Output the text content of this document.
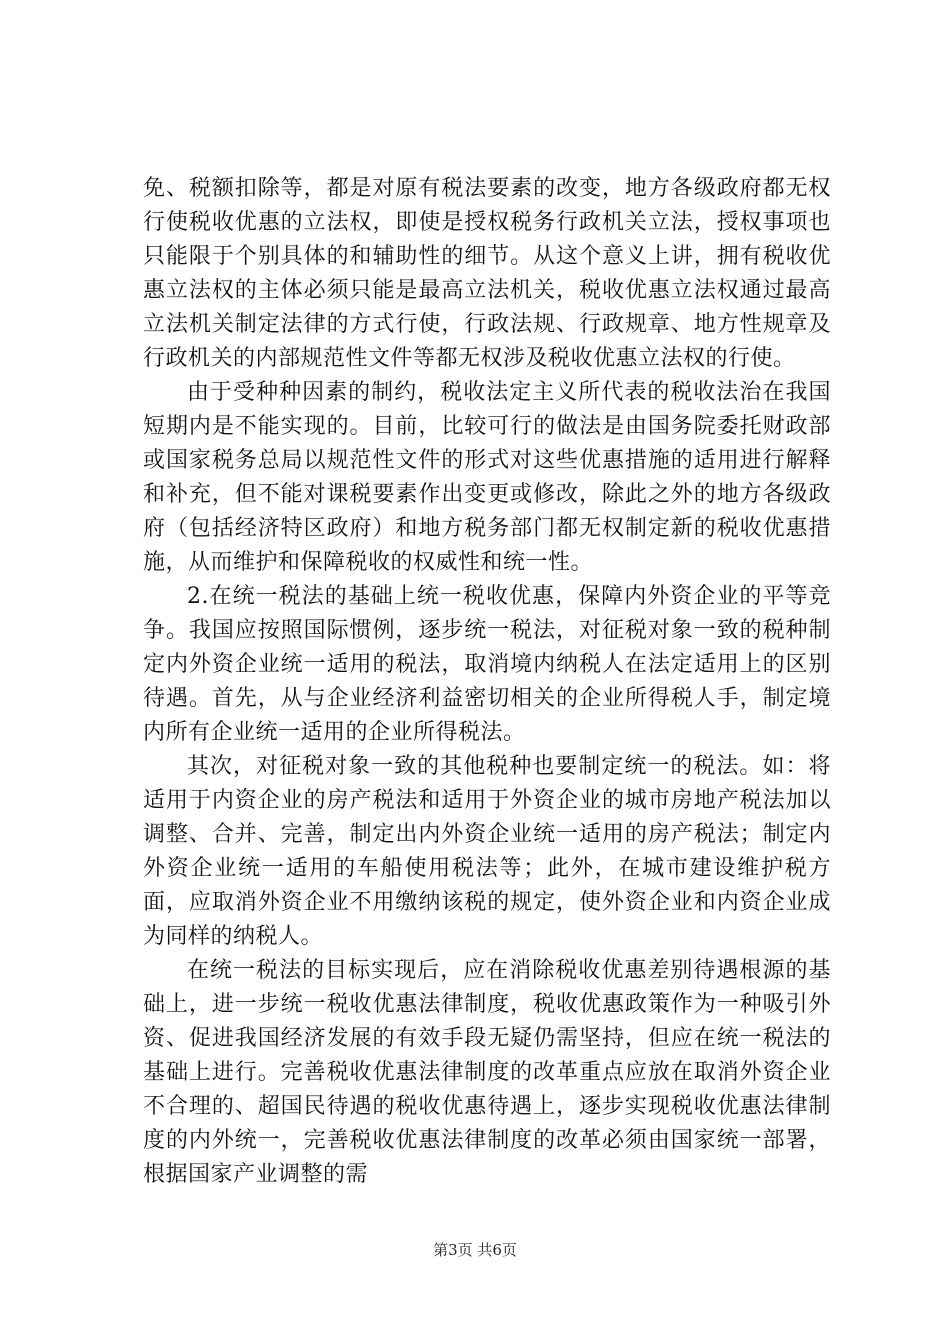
免、税额扣除等，都是对原有税法要素的改变，地方各级政府都无权行使税收优惠的立法权，即使是授权税务行政机关立法，授权事项也只能限于个别具体的和辅助性的细节。从这个意义上讲，拥有税收优惠立法权的主体必须只能是最高立法机关，税收优惠立法权通过最高立法机关制定法律的方式行使，行政法规、行政规章、地方性规章及行政机关的内部规范性文件等都无权涉及税收优惠立法权的行使。

由于受种种因素的制约，税收法定主义所代表的税收法治在我国短期内是不能实现的。目前，比较可行的做法是由国务院委托财政部或国家税务总局以规范性文件的形式对这些优惠措施的适用进行解释和补充，但不能对课税要素作出变更或修改，除此之外的地方各级政府（包括经济特区政府）和地方税务部门都无权制定新的税收优惠措施，从而维护和保障税收的权威性和统一性。

2.在统一税法的基础上统一税收优惠，保障内外资企业的平等竞争。我国应按照国际惯例，逐步统一税法，对征税对象一致的税种制定内外资企业统一适用的税法，取消境内纳税人在法定适用上的区别待遇。首先，从与企业经济利益密切相关的企业所得税人手，制定境内所有企业统一适用的企业所得税法。

其次，对征税对象一致的其他税种也要制定统一的税法。如：将适用于内资企业的房产税法和适用于外资企业的城市房地产税法加以调整、合并、完善，制定出内外资企业统一适用的房产税法；制定内外资企业统一适用的车船使用税法等；此外，在城市建设维护税方面，应取消外资企业不用缴纳该税的规定，使外资企业和内资企业成为同样的纳税人。

在统一税法的目标实现后，应在消除税收优惠差别待遇根源的基础上，进一步统一税收优惠法律制度，税收优惠政策作为一种吸引外资、促进我国经济发展的有效手段无疑仍需坚持，但应在统一税法的基础上进行。完善税收优惠法律制度的改革重点应放在取消外资企业不合理的、超国民待遇的税收优惠待遇上，逐步实现税收优惠法律制度的内外统一，完善税收优惠法律制度的改革必须由国家统一部署，根据国家产业调整的需

第3页 共6页
